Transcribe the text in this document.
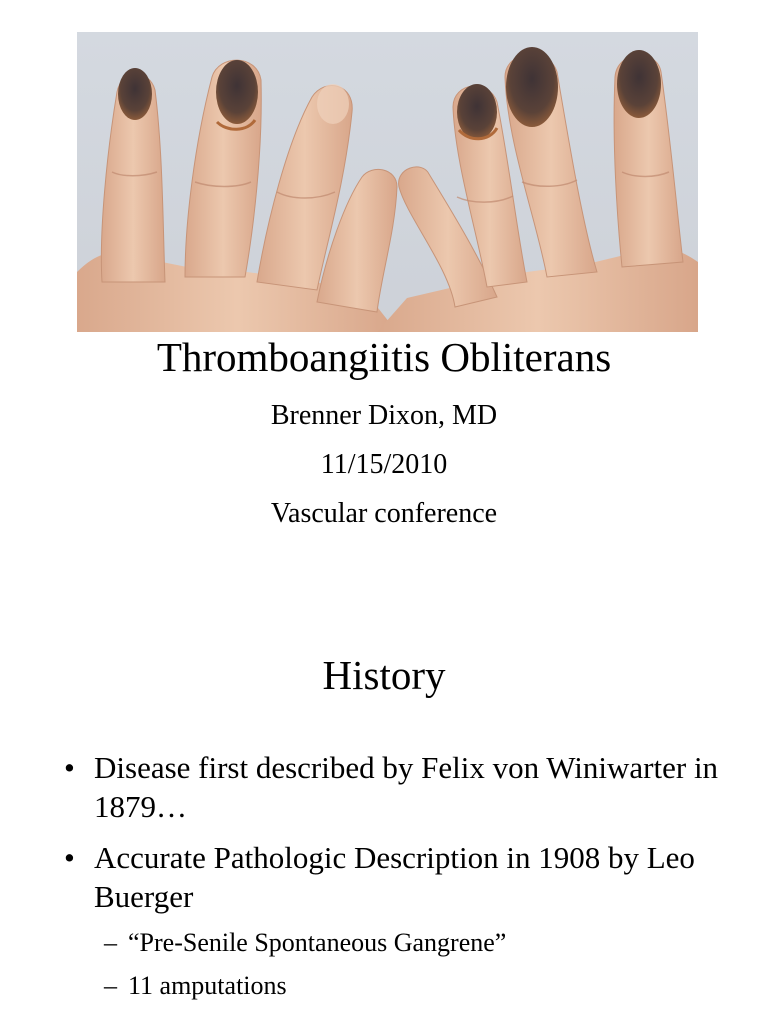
Thromboangiitis Obliterans
Brenner Dixon, MD
11/15/2010
Vascular conference
History
• Disease first described by Felix von Winiwarter in 1879…
• Accurate Pathologic Description in 1908 by Leo Buerger
– “Pre-Senile Spontaneous Gangrene”
– 11 amputations
